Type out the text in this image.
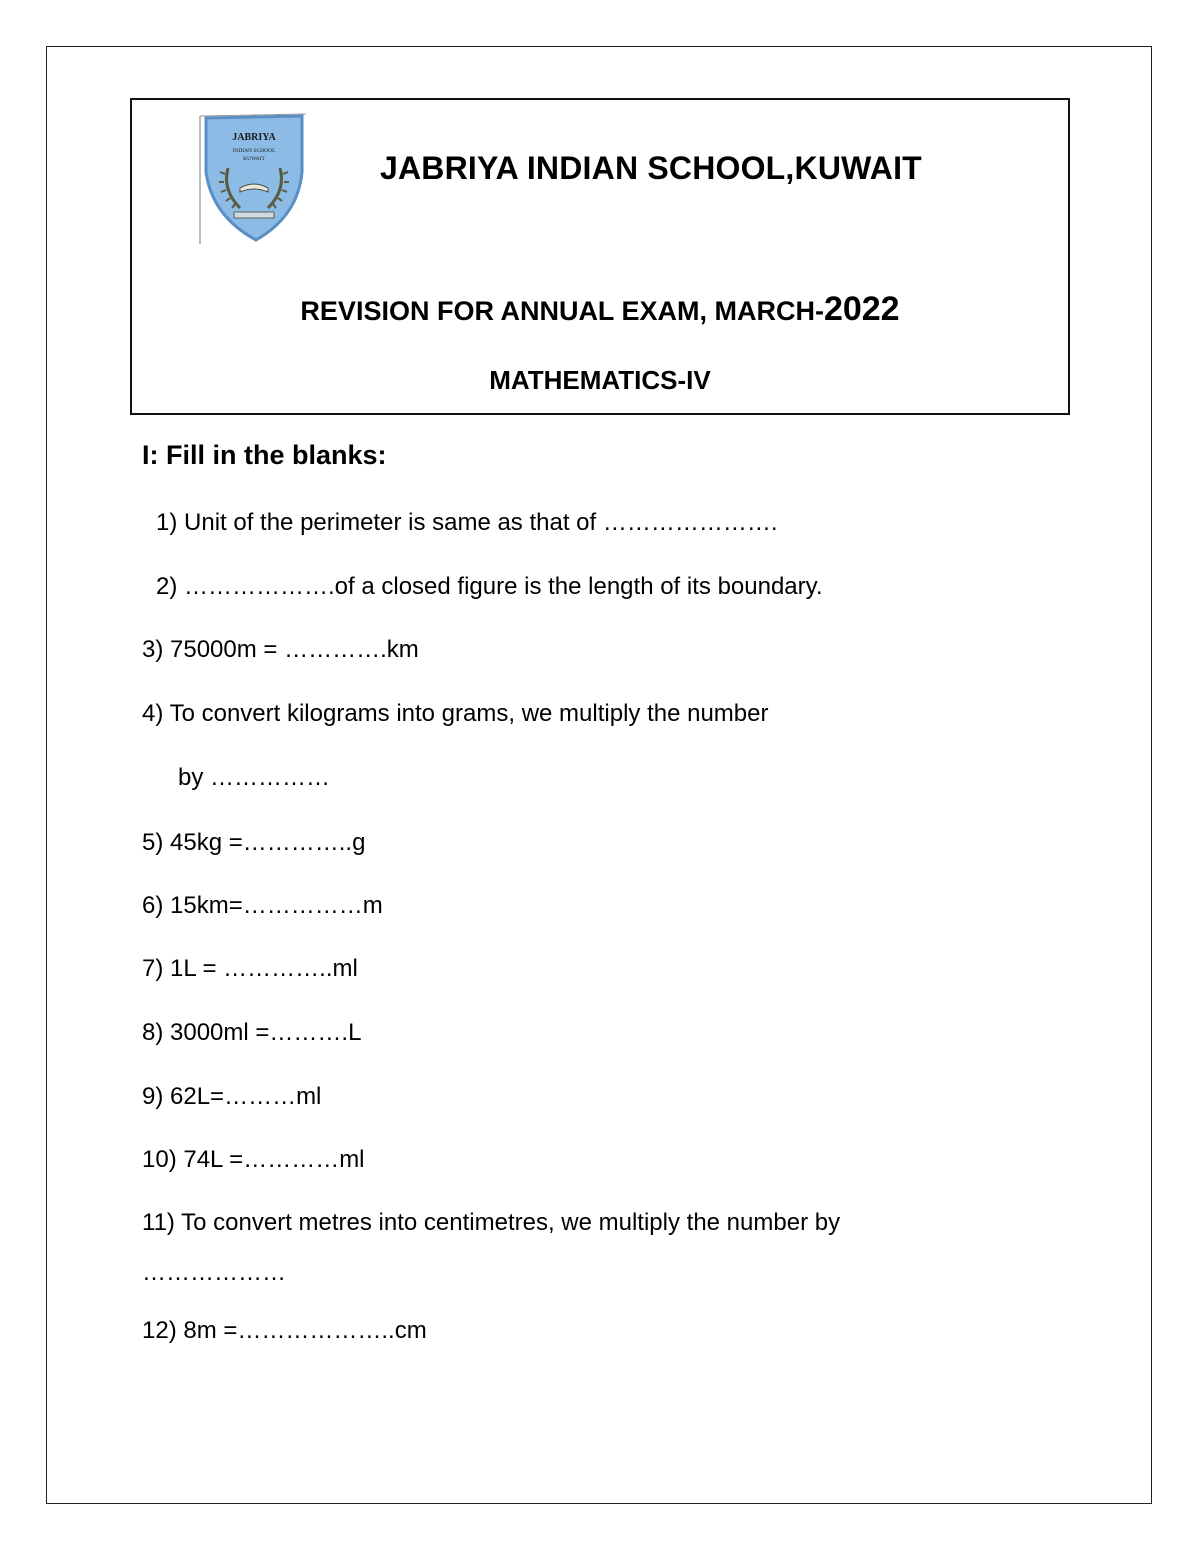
JABRIYA
INDIAN SCHOOL
KUWAIT	JABRIYA INDIAN SCHOOL,KUWAIT
REVISION FOR ANNUAL EXAM, MARCH-2022
MATHEMATICS-IV
I: Fill in the blanks:
1) Unit of the perimeter is same as that of ………………….
2) ……………….of a closed figure is the length of its boundary.
3) 75000m = ………….km
4) To convert kilograms into grams, we multiply the number
by ……………
5) 45kg =…………..g
6) 15km=……………m
7) 1L = …………..ml
8) 3000ml =……….L
9) 62L=………ml
10) 74L =…………ml
11) To convert metres into centimetres, we multiply the number by
………………
12) 8m =………………..cm
